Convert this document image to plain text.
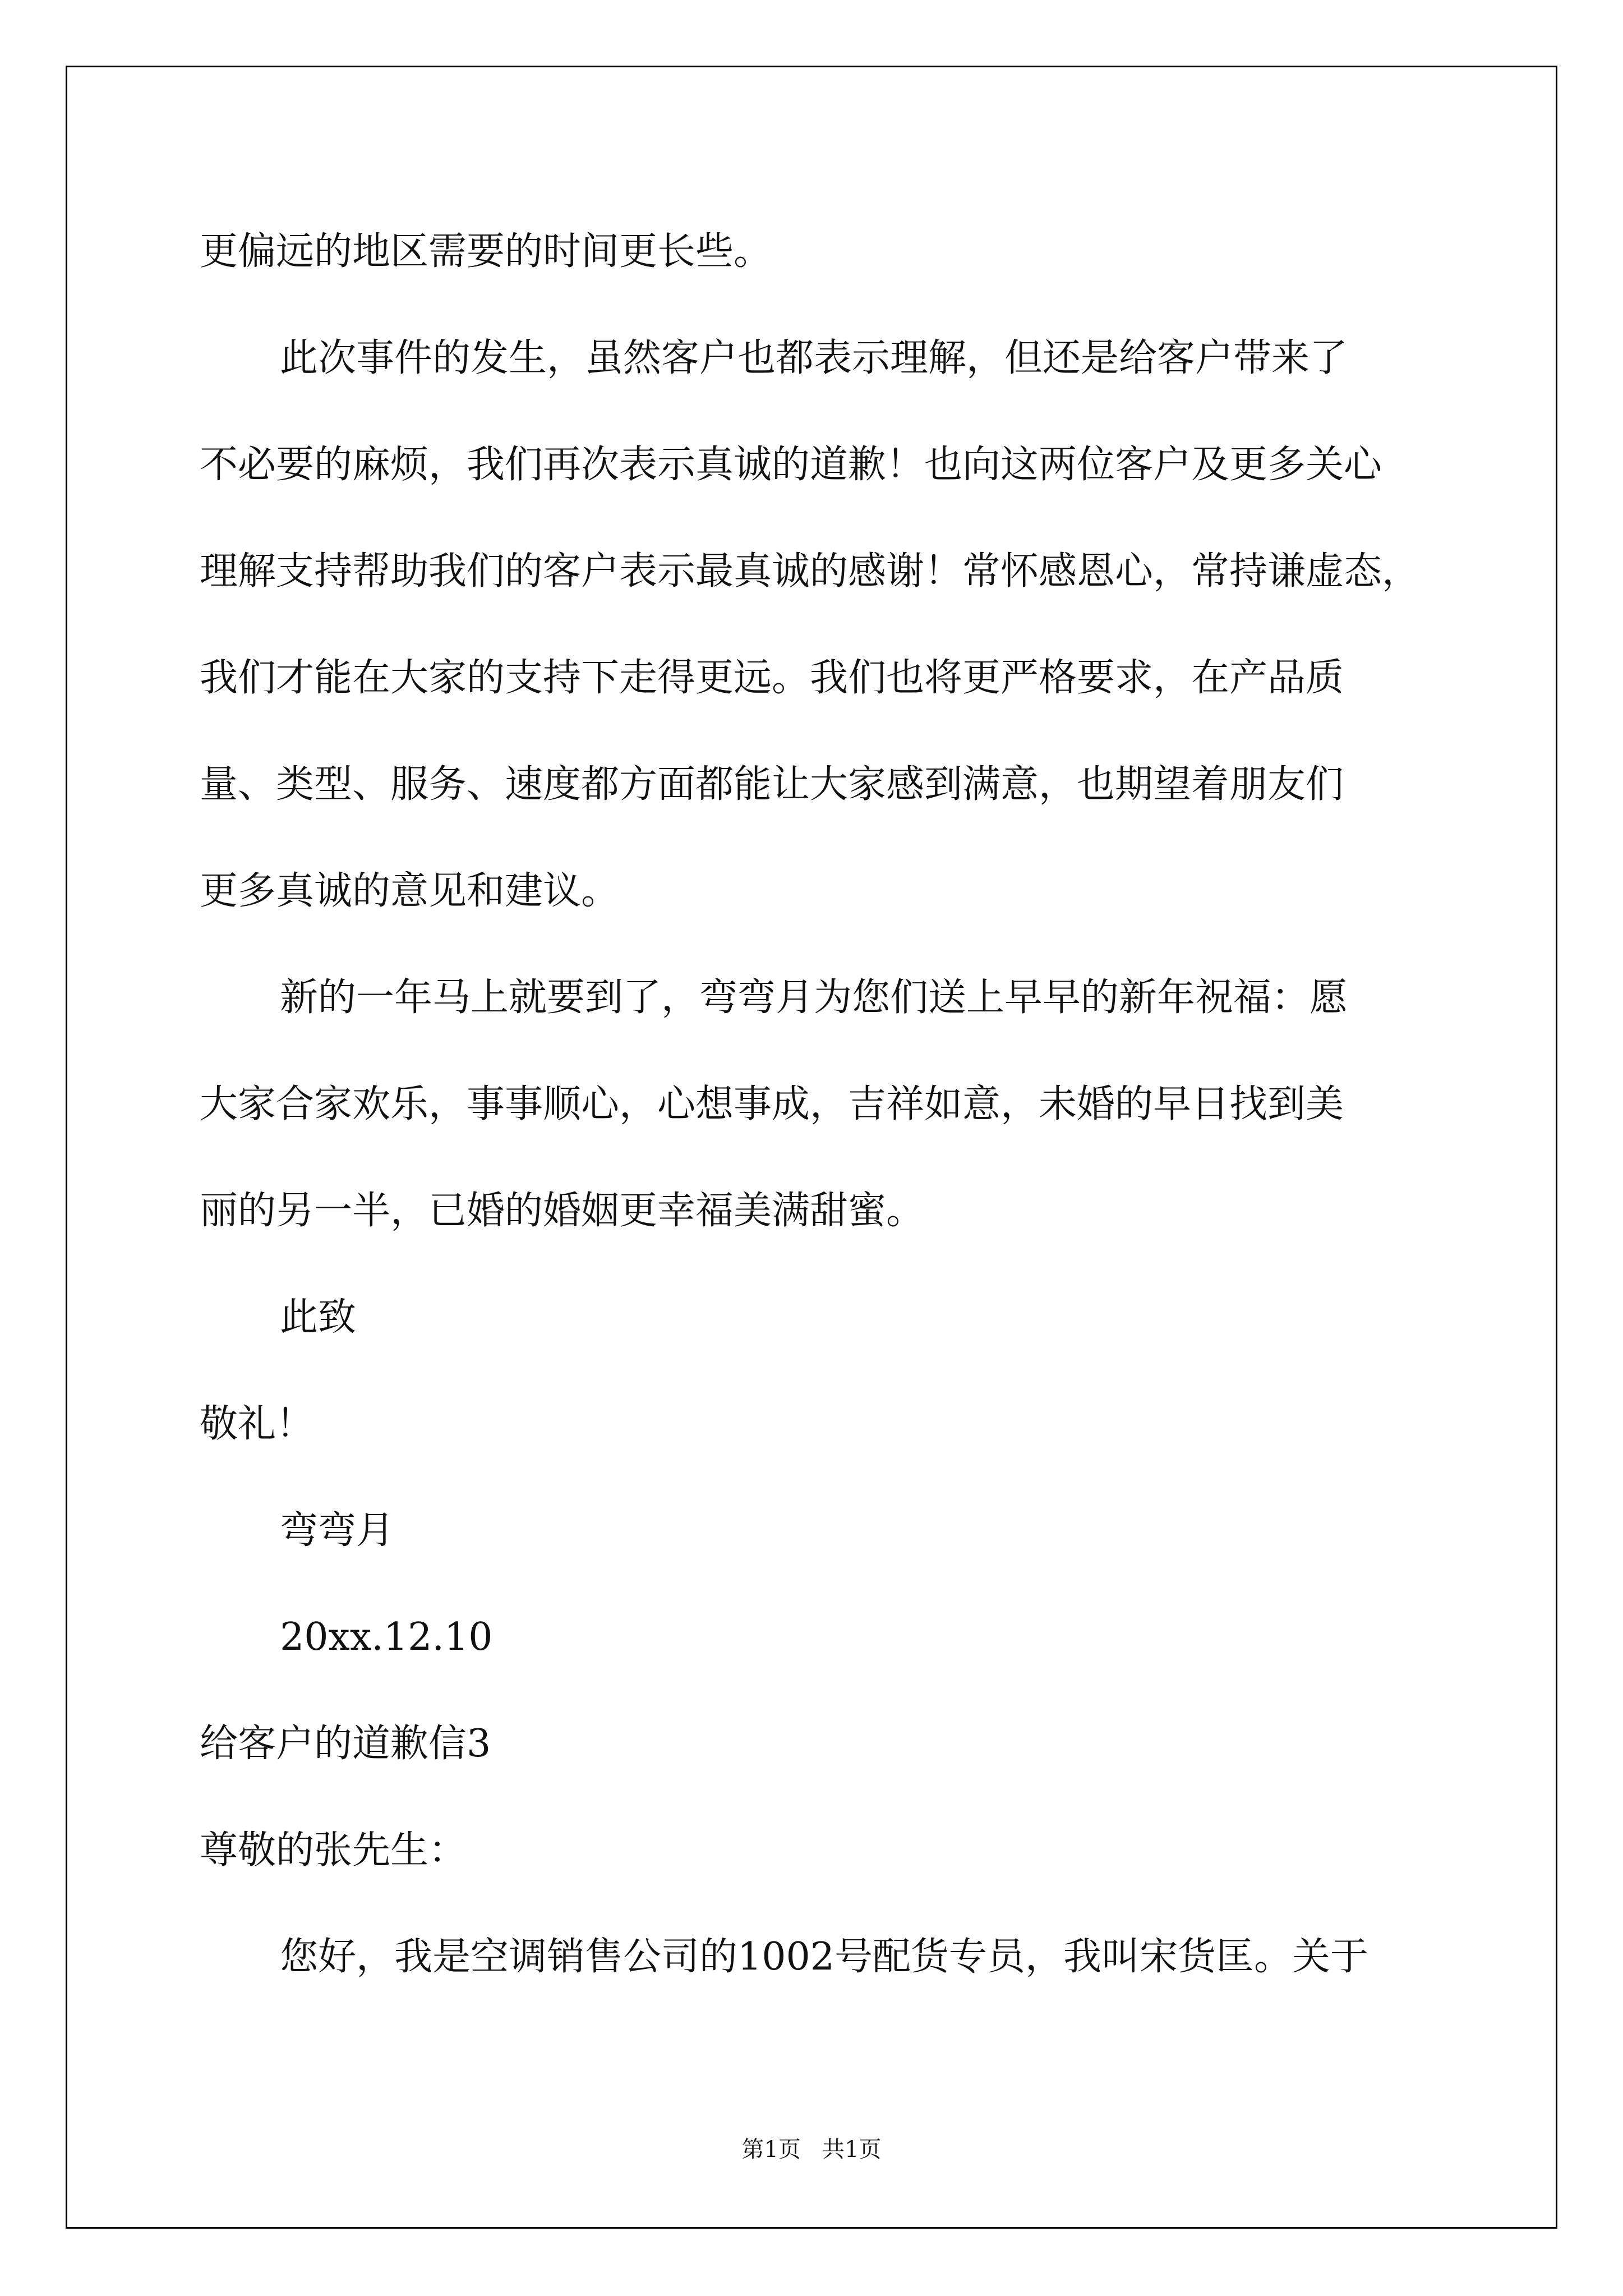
更偏远的地区需要的时间更长些。

此次事件的发生，虽然客户也都表示理解，但还是给客户带来了

不必要的麻烦，我们再次表示真诚的道歉！也向这两位客户及更多关心

理解支持帮助我们的客户表示最真诚的感谢！常怀感恩心，常持谦虚态，

我们才能在大家的支持下走得更远。我们也将更严格要求，在产品质

量、类型、服务、速度都方面都能让大家感到满意，也期望着朋友们

更多真诚的意见和建议。

新的一年马上就要到了，弯弯月为您们送上早早的新年祝福：愿

大家合家欢乐，事事顺心，心想事成，吉祥如意，未婚的早日找到美

丽的另一半，已婚的婚姻更幸福美满甜蜜。

此致

敬礼！

弯弯月

20xx.12.10

给客户的道歉信3

尊敬的张先生：

您好，我是空调销售公司的1002号配货专员，我叫宋货匡。关于

第1页   共1页
